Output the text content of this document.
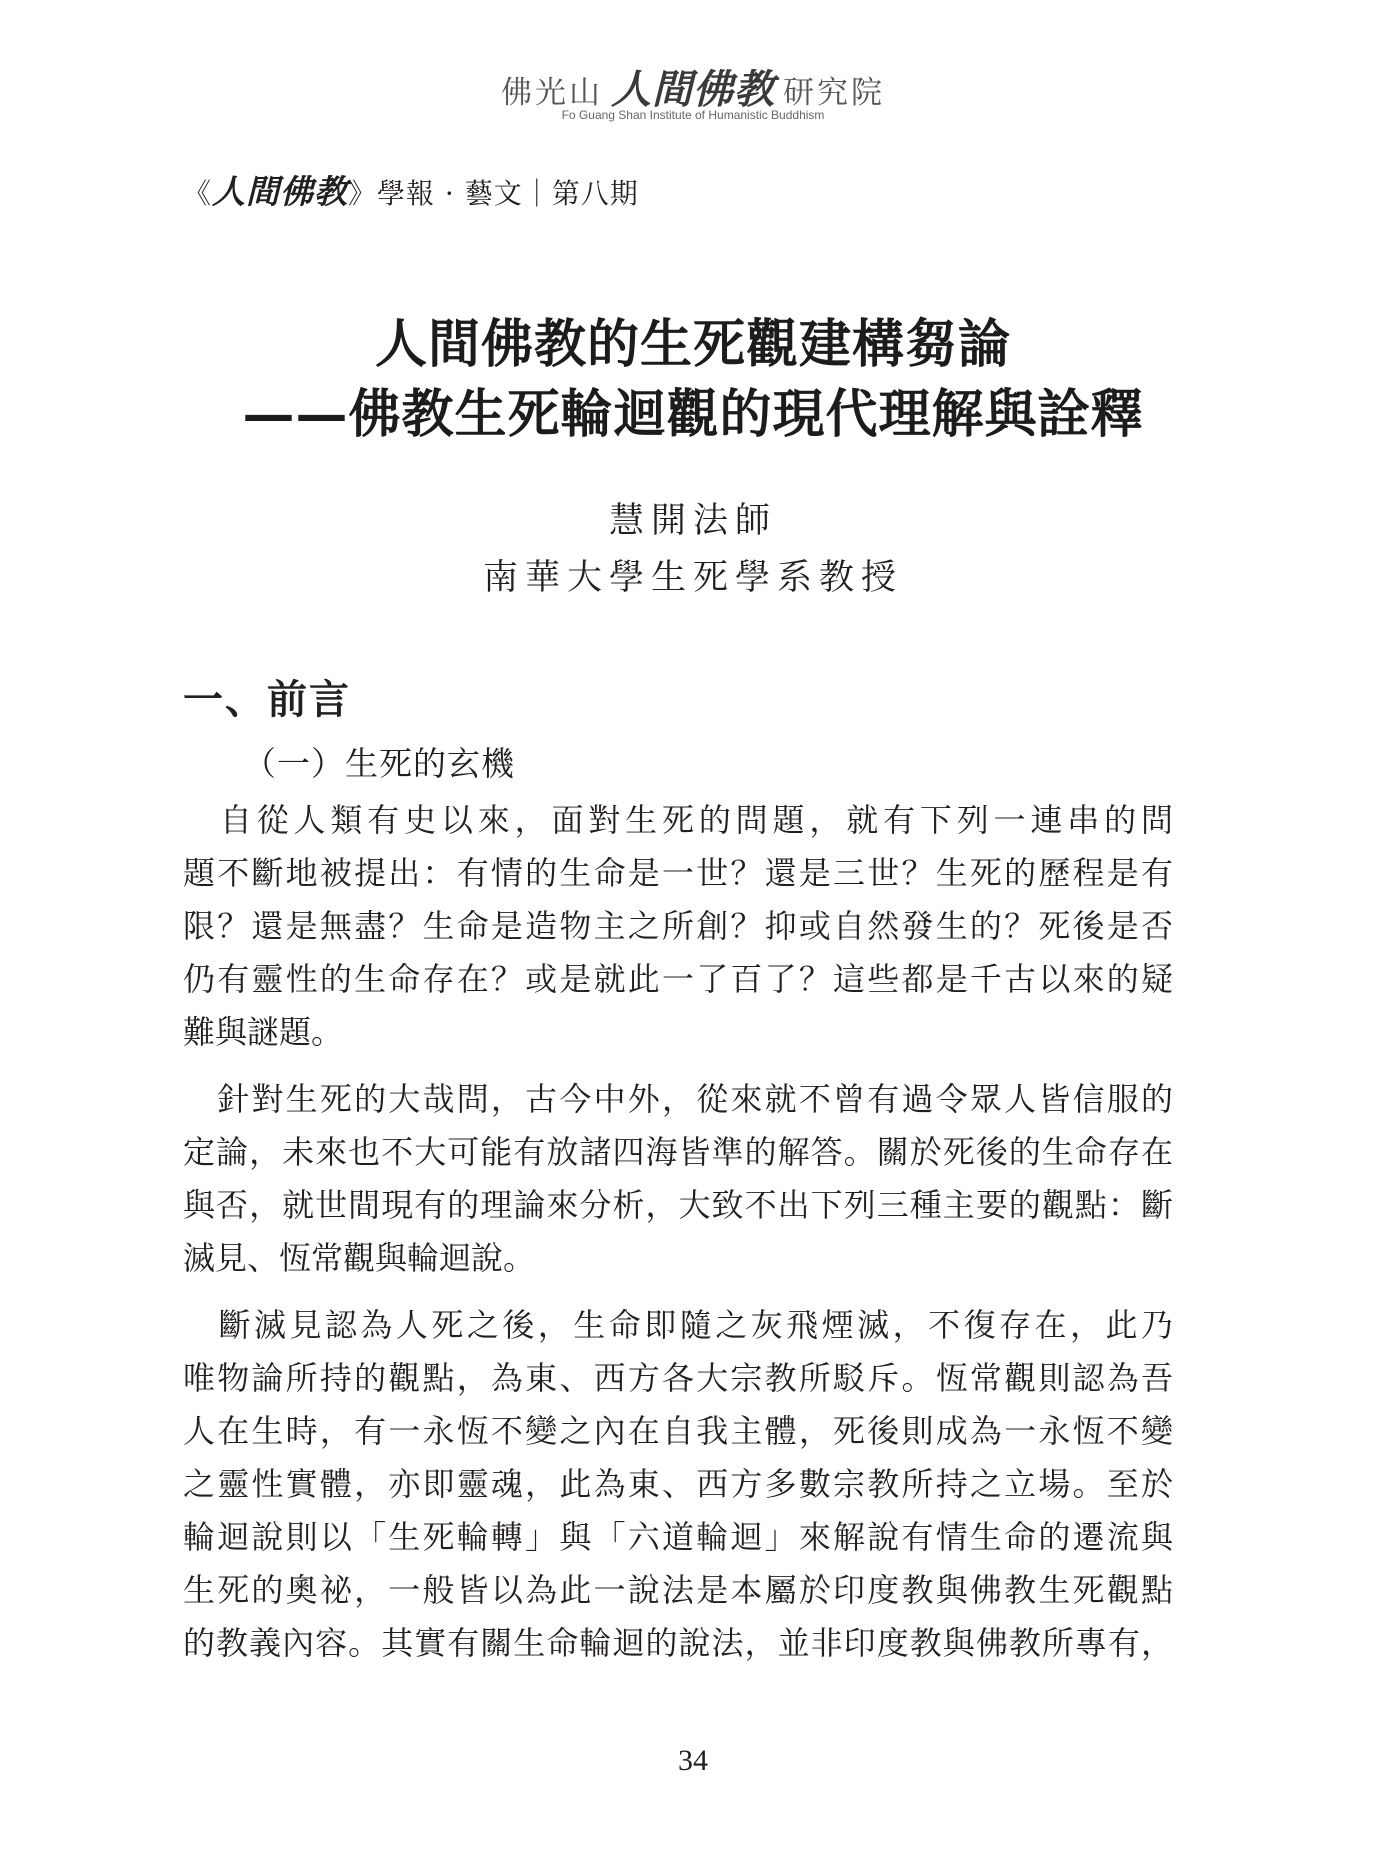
佛光山 人間佛教 研究院
Fo Guang Shan Institute of Humanistic Buddhism
《人間佛教》學報 · 藝文｜第八期
人間佛教的生死觀建構芻論
——佛教生死輪迴觀的現代理解與詮釋
慧開法師
南華大學生死學系教授
一、前言
（一）生死的玄機
　自從人類有史以來，面對生死的問題，就有下列一連串的問
題不斷地被提出：有情的生命是一世？還是三世？生死的歷程是有
限？還是無盡？生命是造物主之所創？抑或自然發生的？死後是否
仍有靈性的生命存在？或是就此一了百了？這些都是千古以來的疑
難與謎題。
　針對生死的大哉問，古今中外，從來就不曾有過令眾人皆信服的
定論，未來也不大可能有放諸四海皆準的解答。關於死後的生命存在
與否，就世間現有的理論來分析，大致不出下列三種主要的觀點：斷
滅見、恆常觀與輪迴說。
　斷滅見認為人死之後，生命即隨之灰飛煙滅，不復存在，此乃
唯物論所持的觀點，為東、西方各大宗教所駁斥。恆常觀則認為吾
人在生時，有一永恆不變之內在自我主體，死後則成為一永恆不變
之靈性實體，亦即靈魂，此為東、西方多數宗教所持之立場。至於
輪迴說則以「生死輪轉」與「六道輪迴」來解說有情生命的遷流與
生死的奧祕，一般皆以為此一說法是本屬於印度教與佛教生死觀點
的教義內容。其實有關生命輪迴的說法，並非印度教與佛教所專有，
34
